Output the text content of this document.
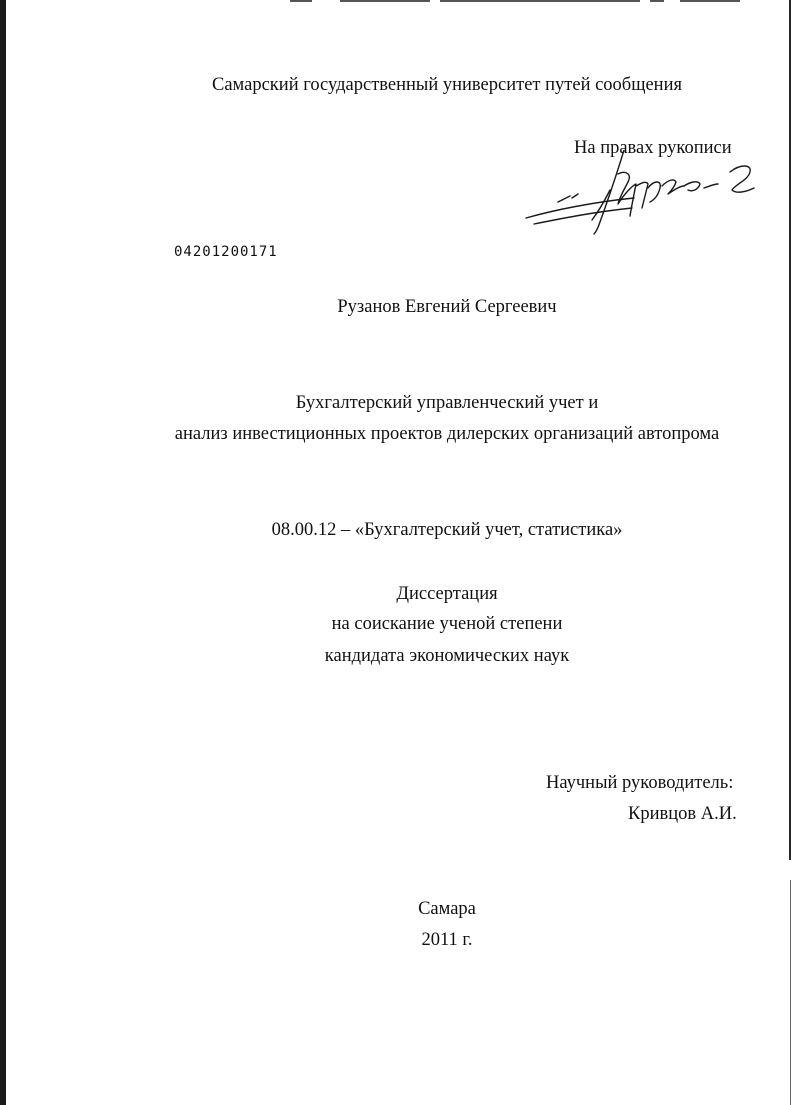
Самарский государственный университет путей сообщения
На правах рукописи
04201200171
Рузанов Евгений Сергеевич
Бухгалтерский управленческий учет и
анализ инвестиционных проектов дилерских организаций автопрома
08.00.12 – «Бухгалтерский учет, статистика»
Диссертация
на соискание ученой степени
кандидата экономических наук
Научный руководитель:
Кривцов А.И.
Самара
2011 г.
